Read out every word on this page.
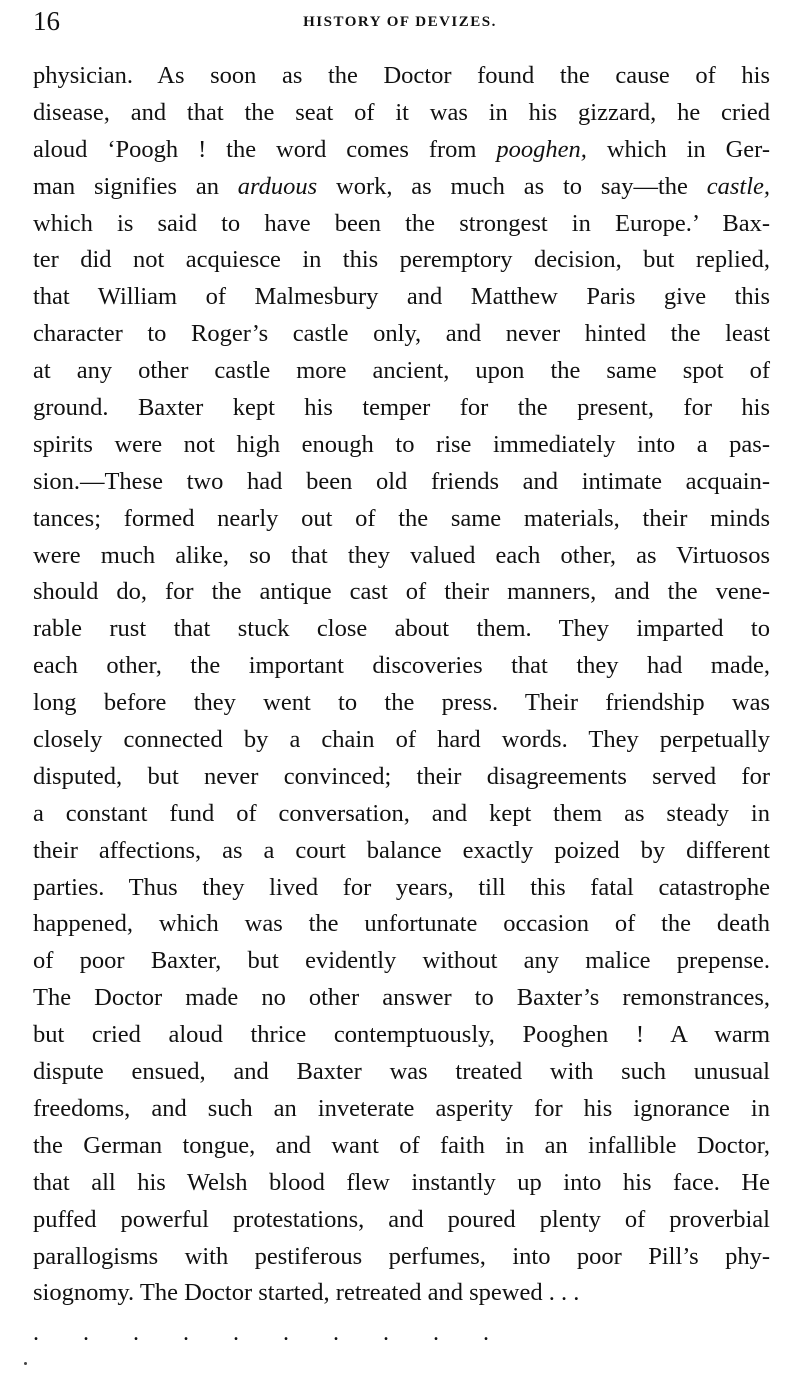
16	HISTORY OF DEVIZES.
physician. As soon as the Doctor found the cause of his
disease, and that the seat of it was in his gizzard, he cried
aloud ‘Poogh ! the word comes from pooghen, which in Ger-
man signifies an arduous work, as much as to say—the castle,
which is said to have been the strongest in Europe.’ Bax-
ter did not acquiesce in this peremptory decision, but replied,
that William of Malmesbury and Matthew Paris give this
character to Roger’s castle only, and never hinted the least
at any other castle more ancient, upon the same spot of
ground. Baxter kept his temper for the present, for his
spirits were not high enough to rise immediately into a pas-
sion.—These two had been old friends and intimate acquain-
tances; formed nearly out of the same materials, their minds
were much alike, so that they valued each other, as Virtuosos
should do, for the antique cast of their manners, and the vene-
rable rust that stuck close about them. They imparted to
each other, the important discoveries that they had made,
long before they went to the press. Their friendship was
closely connected by a chain of hard words. They perpetually
disputed, but never convinced; their disagreements served for
a constant fund of conversation, and kept them as steady in
their affections, as a court balance exactly poized by different
parties. Thus they lived for years, till this fatal catastrophe
happened, which was the unfortunate occasion of the death
of poor Baxter, but evidently without any malice prepense.
The Doctor made no other answer to Baxter’s remonstrances,
but cried aloud thrice contemptuously, Pooghen ! A warm
dispute ensued, and Baxter was treated with such unusual
freedoms, and such an inveterate asperity for his ignorance in
the German tongue, and want of faith in an infallible Doctor,
that all his Welsh blood flew instantly up into his face. He
puffed powerful protestations, and poured plenty of proverbial
parallogisms with pestiferous perfumes, into poor Pill’s phy-
siognomy. The Doctor started, retreated and spewed . . .
. . . . . . . . . .
